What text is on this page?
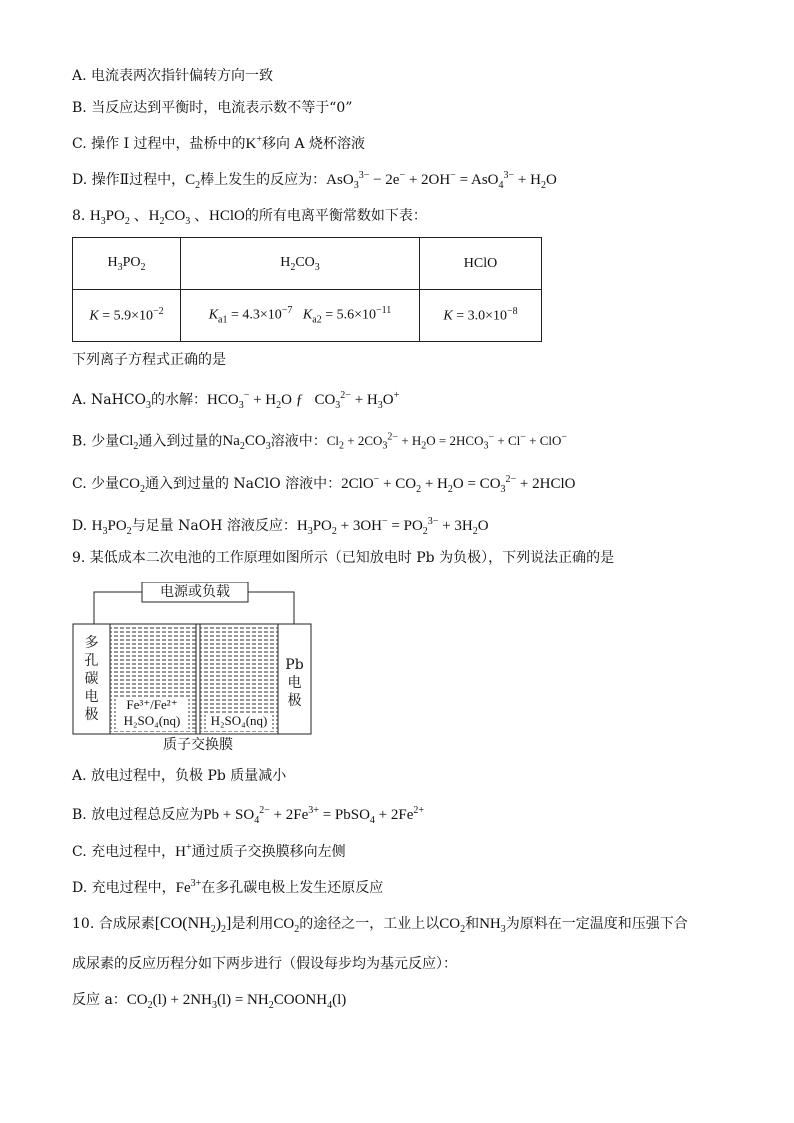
A. 电流表两次指针偏转方向一致
B. 当反应达到平衡时，电流表示数不等于“0”
C. 操作 I 过程中，盐桥中的K+移向 A 烧杯溶液
D. 操作Ⅱ过程中，$C_2$棒上发生的反应为：$AsO_3^{3-} - 2e^- + 2OH^- = AsO_4^{3-} + H_2O$
8. $H_3PO_2$ 、$H_2CO_3$ 、HClO的所有电离平衡常数如下表：
$H_3PO_2$	$H_2CO_3$	HClO
$K = 5.9\times 10^{-2}$	$K_{a1} = 4.3\times 10^{-7}$ $K_{a2} = 5.6\times 10^{-11}$	$K = 3.0\times 10^{-8}$
下列离子方程式正确的是
A. NaHCO$_3$的水解：$HCO_3^- + H_2O$ ƒ   $CO_3^{2-} + H_3O^+$
B. 少量$Cl_2$通入到过量的$Na_2CO_3$溶液中：$Cl_2 + 2CO_3^{2-} + H_2O = 2HCO_3^- + Cl^- + ClO^-$
C. 少量$CO_2$通入到过量的 NaClO 溶液中：$2ClO^- + CO_2 + H_2O = CO_3^{2-}$ + 2HClO
D. $H_3PO_2$与足量 NaOH 溶液反应：$H_3PO_2 + 3OH^- = PO_2^{3-} + 3H_2O$
9. 某低成本二次电池的工作原理如图所示（已知放电时 Pb 为负极），下列说法正确的是
电源或负载
多
孔
碳
电
极
Pb
电
极
Fe³⁺/Fe²⁺
H₂SO₄(nq)	H₂SO₄(nq)
质子交换膜
A. 放电过程中，负极 Pb 质量减小
B. 放电过程总反应为$Pb + SO_4^{2-} + 2Fe^{3+}$ = PbSO$_4$ + $2Fe^{2+}$
C. 充电过程中，H+通过质子交换膜移向左侧
D. 充电过程中，$Fe^{3+}$在多孔碳电极上发生还原反应
10. 合成尿素$[CO(NH_2)_2]$是利用$CO_2$的途径之一，工业上以$CO_2$和$NH_3$为原料在一定温度和压强下合
成尿素的反应历程分如下两步进行（假设每步均为基元反应）：
反应 a：$CO_2(l) + 2NH_3(l)$ = $NH_2COONH_4(l)$
